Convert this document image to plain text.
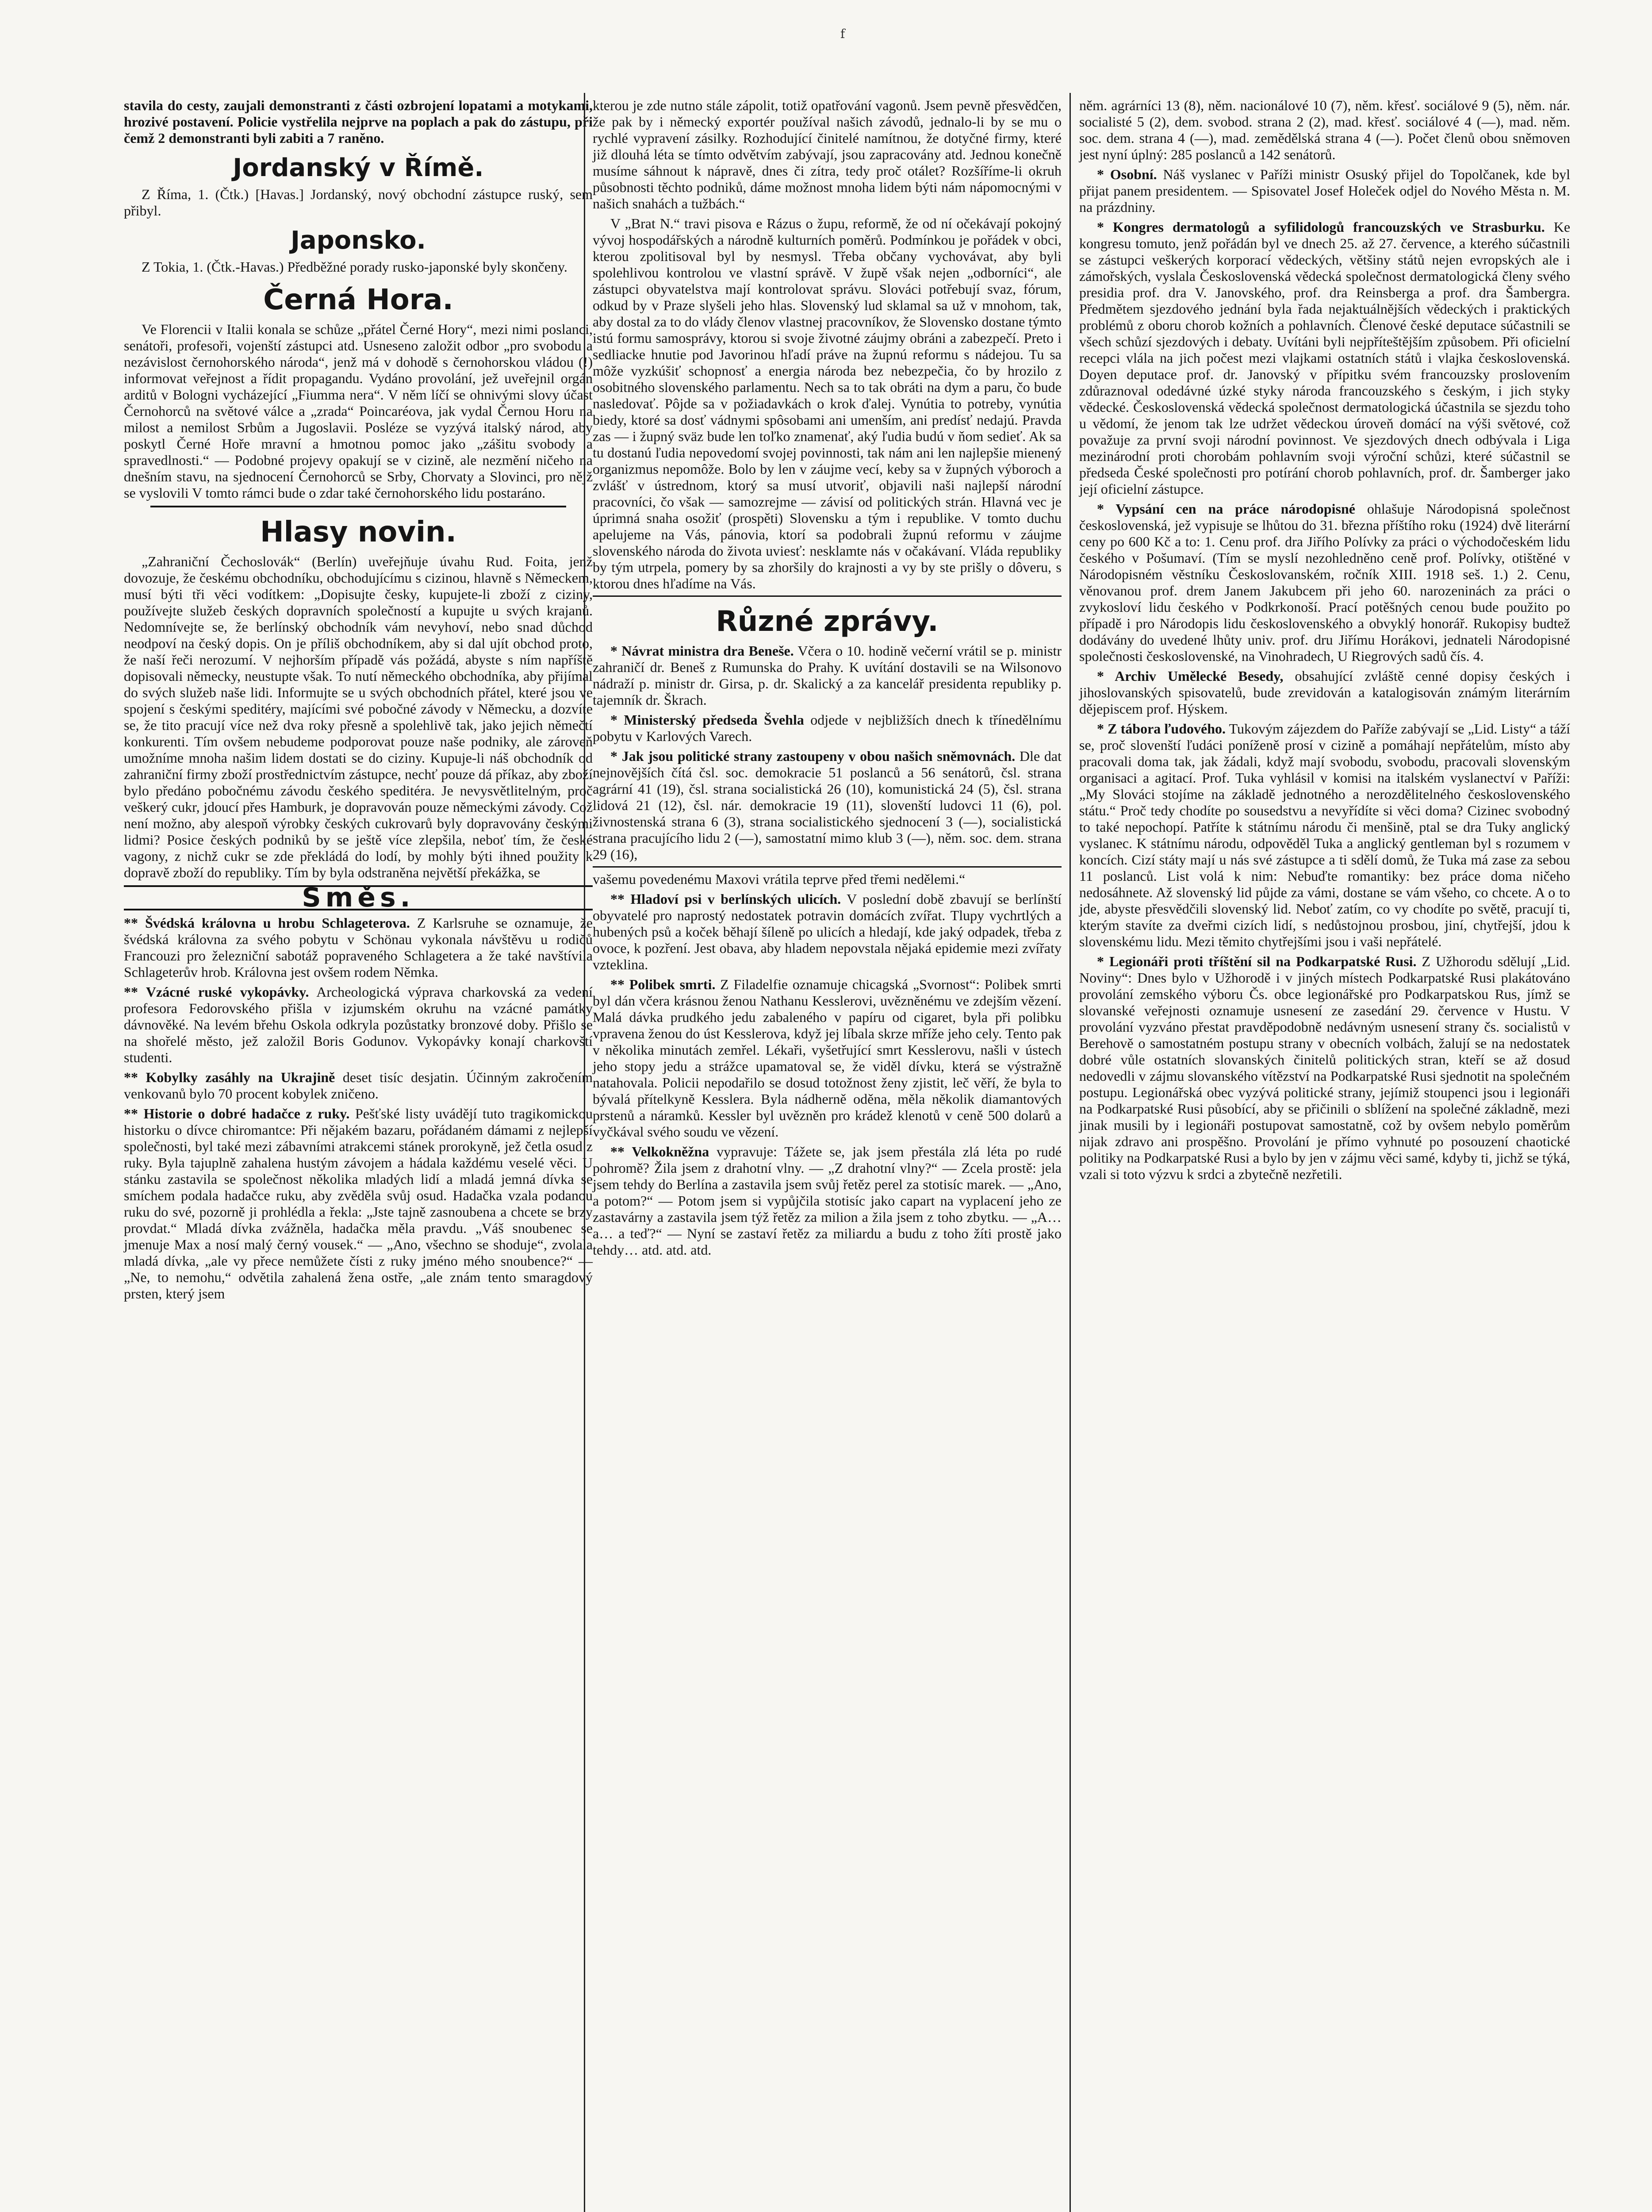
f

stavila do cesty, zaujali demonstranti z části ozbrojení lopatami a motykami, hrozivé postavení. Policie vystřelila nejprve na poplach a pak do zástupu, při čemž 2 demonstranti byli zabiti a 7 raněno.

Jordanský v Římě.

Z Říma, 1. (Čtk.) [Havas.] Jordanský, nový obchodní zástupce ruský, sem přibyl.

Japonsko.

Z Tokia, 1. (Čtk.-Havas.) Předběžné porady rusko-japonské byly skončeny.

Černá Hora.

Ve Florencii v Italii konala se schůze „přátel Černé Hory“, mezi nimi poslanci, senátoři, profesoři, vojenští zástupci atd. Usneseno založit odbor „pro svobodu a nezávislost černohorského národa“, jenž má v dohodě s černohorskou vládou (!) informovat veřejnost a řídit propagandu. Vydáno provolání, jež uveřejnil orgán arditů v Bologni vycházející „Fiumma nera“. V něm líčí se ohnivými slovy účast Černohorců na světové válce a „zrada“ Poincaréova, jak vydal Černou Horu na milost a nemilost Srbům a Jugoslavii. Posléze se vyzývá italský národ, aby poskytl Černé Hoře mravní a hmotnou pomoc jako „zášitu svobody a spravedlnosti.“ — Podobné projevy opakují se v cizině, ale nezmění ničeho na dnešním stavu, na sjednocení Černohorců se Srby, Chorvaty a Slovinci, pro nějž se vyslovili V tomto rámci bude o zdar také černohorského lidu postaráno.

Hlasy novin.

„Zahraniční Čechoslovák“ (Berlín) uveřejňuje úvahu Rud. Foita, jenž dovozuje, že českému obchodníku, obchodujícímu s cizinou, hlavně s Německem, musí býti tři věci vodítkem: „Dopisujte česky, kupujete-li zboží z ciziny, používejte služeb českých dopravních společností a kupujte u svých krajanů. Nedomnívejte se, že berlínský obchodník vám nevyhoví, nebo snad důchod neodpoví na český dopis. On je příliš obchodníkem, aby si dal ujít obchod proto, že naší řeči nerozumí. V nejhorším případě vás požádá, abyste s ním napříště dopisovali německy, neustupte však. To nutí německého obchodníka, aby přijímal do svých služeb naše lidi. Informujte se u svých obchodních přátel, které jsou ve spojení s českými speditéry, majícími své pobočné závody v Německu, a dozvíte se, že tito pracují více než dva roky přesně a spolehlivě tak, jako jejich němečtí konkurenti. Tím ovšem nebudeme podporovat pouze naše podniky, ale zároveň umožníme mnoha našim lidem dostati se do ciziny. Kupuje-li náš obchodník od zahraniční firmy zboží prostřednictvím zástupce, nechť pouze dá příkaz, aby zboží bylo předáno pobočnému závodu českého speditéra. Je nevysvětlitelným, proč veškerý cukr, jdoucí přes Hamburk, je dopravován pouze německými závody. Což není možno, aby alespoň výrobky českých cukrovarů byly dopravovány českými lidmi? Posice českých podniků by se ještě více zlepšila, neboť tím, že české vagony, z nichž cukr se zde překládá do lodí, by mohly býti ihned použity k dopravě zboží do republiky. Tím by byla odstraněna největší překážka, se

Směs.

** Švédská královna u hrobu Schlageterova. Z Karlsruhe se oznamuje, že švédská královna za svého pobytu v Schönau vykonala návštěvu u rodičů Francouzi pro železniční sabotáž popraveného Schlagetera a že také navštívila Schlageterův hrob. Královna jest ovšem rodem Němka.

** Vzácné ruské vykopávky. Archeologická výprava charkovská za vedení profesora Fedorovského přišla v izjumském okruhu na vzácné památky dávnověké. Na levém břehu Oskola odkryla pozůstatky bronzové doby. Přišlo se na shořelé město, jež založil Boris Godunov. Vykopávky konají charkovští studenti.

** Kobylky zasáhly na Ukrajině deset tisíc desjatin. Účinným zakročením venkovanů bylo 70 procent kobylek zničeno.

** Historie o dobré hadačce z ruky. Pešťské listy uvádějí tuto tragikomickou historku o dívce chiromantce: Při nějakém bazaru, pořádaném dámami z nejlepší společnosti, byl také mezi zábavními atrakcemi stánek prorokyně, jež četla osud z ruky. Byla tajuplně zahalena hustým závojem a hádala každému veselé věci. U stánku zastavila se společnost několika mladých lidí a mladá jemná dívka se smíchem podala hadačce ruku, aby zvěděla svůj osud. Hadačka vzala podanou ruku do své, pozorně ji prohlédla a řekla: „Jste tajně zasnoubena a chcete se brzy provdat.“ Mladá dívka zvážněla, hadačka měla pravdu. „Váš snoubenec se jmenuje Max a nosí malý černý vousek.“ — „Ano, všechno se shoduje“, zvolala mladá dívka, „ale vy přece nemůžete čísti z ruky jméno mého snoubence?“ — „Ne, to nemohu,“ odvětila zahalená žena ostře, „ale znám tento smaragdový prsten, který jsem

kterou je zde nutno stále zápolit, totiž opatřování vagonů. Jsem pevně přesvědčen, že pak by i německý exportér používal našich závodů, jednalo-li by se mu o rychlé vypravení zásilky. Rozhodující činitelé namítnou, že dotyčné firmy, které již dlouhá léta se tímto odvětvím zabývají, jsou zapracovány atd. Jednou konečně musíme sáhnout k nápravě, dnes či zítra, tedy proč otálet? Rozšíříme-li okruh působnosti těchto podniků, dáme možnost mnoha lidem býti nám nápomocnými v našich snahách a tužbách.“

V „Brat N.“ travi pisova e Rázus o župu, reformě, že od ní očekávají pokojný vývoj hospodářských a národně kulturních poměrů. Podmínkou je pořádek v obci, kterou zpolitisoval byl by nesmysl. Třeba občany vychovávat, aby byli spolehlivou kontrolou ve vlastní správě. V župě však nejen „odborníci“, ale zástupci obyvatelstva mají kontrolovat správu. Slováci potřebují svaz, fórum, odkud by v Praze slyšeli jeho hlas. Slovenský lud sklamal sa už v mnohom, tak, aby dostal za to do vlády členov vlastnej pracovníkov, že Slovensko dostane týmto istú formu samosprávy, ktorou si svoje životné záujmy obráni a zabezpečí. Preto i sedliacke hnutie pod Javorinou hľadí práve na župnú reformu s nádejou. Tu sa môže vyzkúšiť schopnosť a energia národa bez nebezpečia, čo by hrozilo z osobitného slovenského parlamentu. Nech sa to tak obráti na dym a paru, čo bude nasledovať. Pôjde sa v požiadavkách o krok ďalej. Vynútia to potreby, vynútia biedy, ktoré sa dosť vádnymi spôsobami ani umenším, ani predísť nedajú. Pravda zas — i župný sväz bude len toľko znamenať, aký ľudia budú v ňom sedieť. Ak sa tu dostanú ľudia nepovedomí svojej povinnosti, tak nám ani len najlepšie mienený organizmus nepomôže. Bolo by len v záujme vecí, keby sa v župných výboroch a zvlášť v ústrednom, ktorý sa musí utvoriť, objavili naši najlepší národní pracovníci, čo však — samozrejme — závisí od politických strán. Hlavná vec je úprimná snaha osožiť (prospěti) Slovensku a tým i republike. V tomto duchu apelujeme na Vás, pánovia, ktorí sa podobrali župnú reformu v záujme slovenského národa do života uviesť: nesklamte nás v očakávaní. Vláda republiky by tým utrpela, pomery by sa zhoršily do krajnosti a vy by ste prišly o dôveru, s ktorou dnes hľadíme na Vás.

Různé zprávy.

* Návrat ministra dra Beneše. Včera o 10. hodině večerní vrátil se p. ministr zahraničí dr. Beneš z Rumunska do Prahy. K uvítání dostavili se na Wilsonovo nádraží p. ministr dr. Girsa, p. dr. Skalický a za kancelář presidenta republiky p. tajemník dr. Škrach.

* Ministerský předseda Švehla odjede v nejbližších dnech k třínedělnímu pobytu v Karlových Varech.

* Jak jsou politické strany zastoupeny v obou našich sněmovnách. Dle dat nejnovějších čítá čsl. soc. demokracie 51 poslanců a 56 senátorů, čsl. strana agrární 41 (19), čsl. strana socialistická 26 (10), komunistická 24 (5), čsl. strana lidová 21 (12), čsl. nár. demokracie 19 (11), slovenští ludovci 11 (6), pol. živnostenská strana 6 (3), strana socialistického sjednocení 3 (—), socialistická strana pracujícího lidu 2 (—), samostatní mimo klub 3 (—), něm. soc. dem. strana 29 (16),

vašemu povedenému Maxovi vrátila teprve před třemi nedělemi.“

** Hladoví psi v berlínských ulicích. V poslední době zbavují se berlínští obyvatelé pro naprostý nedostatek potravin domácích zvířat. Tlupy vychrtlých a hubených psů a koček běhají šíleně po ulicích a hledají, kde jaký odpadek, třeba z ovoce, k pozření. Jest obava, aby hladem nepovstala nějaká epidemie mezi zvířaty vzteklina.

** Polibek smrti. Z Filadelfie oznamuje chicagská „Svornost“: Polibek smrti byl dán včera krásnou ženou Nathanu Kesslerovi, uvězněnému ve zdejším vězení. Malá dávka prudkého jedu zabaleného v papíru od cigaret, byla při polibku vpravena ženou do úst Kesslerova, když jej líbala skrze mříže jeho cely. Tento pak v několika minutách zemřel. Lékaři, vyšetřující smrt Kesslerovu, našli v ústech jeho stopy jedu a strážce upamatoval se, že viděl dívku, která se výstražně natahovala. Policii nepodařilo se dosud totožnost ženy zjistit, leč věří, že byla to bývalá přítelkyně Kesslera. Byla nádherně oděna, měla několik diamantových prstenů a náramků. Kessler byl uvězněn pro krádež klenotů v ceně 500 dolarů a vyčkával svého soudu ve vězení.

** Velkokněžna vypravuje: Tážete se, jak jsem přestála zlá léta po rudé pohromě? Žila jsem z drahotní vlny. — „Z drahotní vlny?“ — Zcela prostě: jela jsem tehdy do Berlína a zastavila jsem svůj řetěz perel za stotisíc marek. — „Ano, a potom?“ — Potom jsem si vypůjčila stotisíc jako capart na vyplacení jeho ze zastavárny a zastavila jsem týž řetěz za milion a žila jsem z toho zbytku. — „A… a… a teď?“ — Nyní se zastaví řetěz za miliardu a budu z toho žíti prostě jako tehdy… atd. atd. atd.

něm. agrárníci 13 (8), něm. nacionálové 10 (7), něm. křesť. sociálové 9 (5), něm. nár. socialisté 5 (2), dem. svobod. strana 2 (2), mad. křesť. sociálové 4 (—), mad. něm. soc. dem. strana 4 (—), mad. zemědělská strana 4 (—). Počet členů obou sněmoven jest nyní úplný: 285 poslanců a 142 senátorů.

* Osobní. Náš vyslanec v Paříži ministr Osuský přijel do Topolčanek, kde byl přijat panem presidentem. — Spisovatel Josef Holeček odjel do Nového Města n. M. na prázdniny.

* Kongres dermatologů a syfilidologů francouzských ve Strasburku. Ke kongresu tomuto, jenž pořádán byl ve dnech 25. až 27. července, a kterého súčastnili se zástupci veškerých korporací vědeckých, většiny států nejen evropských ale i zámořských, vyslala Československá vědecká společnost dermatologická členy svého presidia prof. dra V. Janovského, prof. dra Reinsberga a prof. dra Šambergra. Předmětem sjezdového jednání byla řada nejaktuálnějších vědeckých i praktických problémů z oboru chorob kožních a pohlavních. Členové české deputace súčastnili se všech schůzí sjezdových i debaty. Uvítáni byli nejpříteštějším způsobem. Při oficielní recepci vlála na jich počest mezi vlajkami ostatních států i vlajka československá. Doyen deputace prof. dr. Janovský v přípitku svém francouzsky proslovením zdůraznoval odedávné úzké styky národa francouzského s českým, i jich styky vědecké. Československá vědecká společnost dermatologická účastnila se sjezdu toho u vědomí, že jenom tak lze udržet vědeckou úroveň domácí na výši světové, což považuje za první svoji národní povinnost. Ve sjezdových dnech odbývala i Liga mezinárodní proti chorobám pohlavním svoji výroční schůzi, které súčastnil se předseda České společnosti pro potírání chorob pohlavních, prof. dr. Šamberger jako její oficielní zástupce.

* Vypsání cen na práce národopisné ohlašuje Národopisná společnost československá, jež vypisuje se lhůtou do 31. března příštího roku (1924) dvě literární ceny po 600 Kč a to: 1. Cenu prof. dra Jiřího Polívky za práci o východočeském lidu českého v Pošumaví. (Tím se myslí nezohledněno ceně prof. Polívky, otištěné v Národopisném věstníku Českoslovanském, ročník XIII. 1918 seš. 1.) 2. Cenu, věnovanou prof. drem Janem Jakubcem při jeho 60. narozeninách za práci o zvykosloví lidu českého v Podkrkonoší. Prací potěšných cenou bude použito po případě i pro Národopis lidu československého a obvyklý honorář. Rukopisy budtež dodávány do uvedené lhůty univ. prof. dru Jiřímu Horákovi, jednateli Národopisné společnosti československé, na Vinohradech, U Riegrových sadů čís. 4.

* Archiv Umělecké Besedy, obsahující zvláště cenné dopisy českých i jihoslovanských spisovatelů, bude zrevidován a katalogisován známým literárním dějepiscem prof. Hýskem.

* Z tábora ľudového. Tukovým zájezdem do Paříže zabývají se „Lid. Listy“ a táží se, proč slovenští ľudáci poníženě prosí v cizině a pomáhají nepřátelům, místo aby pracovali doma tak, jak žádali, když mají svobodu, svobodu, pracovali slovenským organisaci a agitací. Prof. Tuka vyhlásil v komisi na italském vyslanectví v Paříži: „My Slováci stojíme na základě jednotného a nerozdělitelného československého státu.“ Proč tedy chodíte po sousedstvu a nevyřídíte si věci doma? Cizinec svobodný to také nepochopí. Patříte k státnímu národu či menšině, ptal se dra Tuky anglický vyslanec. K státnímu národu, odpověděl Tuka a anglický gentleman byl s rozumem v koncích. Cizí státy mají u nás své zástupce a ti sdělí domů, že Tuka má zase za sebou 11 poslanců. List volá k nim: Nebuďte romantiky: bez práce doma ničeho nedosáhnete. Až slovenský lid půjde za vámi, dostane se vám všeho, co chcete. A o to jde, abyste přesvědčili slovenský lid. Neboť zatím, co vy chodíte po světě, pracují ti, kterým stavíte za dveřmi cizích lidí, s nedůstojnou prosbou, jiní, chytřejší, jdou k slovenskému lidu. Mezi těmito chytřejšími jsou i vaši nepřátelé.

* Legionáři proti tříštění sil na Podkarpatské Rusi. Z Užhorodu sdělují „Lid. Noviny“: Dnes bylo v Užhorodě i v jiných místech Podkarpatské Rusi plakátováno provolání zemského výboru Čs. obce legionářské pro Podkarpatskou Rus, jímž se slovanské veřejnosti oznamuje usnesení ze zasedání 29. července v Hustu. V provolání vyzváno přestat pravděpodobně nedávným usnesení strany čs. socialistů v Berehově o samostatném postupu strany v obecních volbách, žalují se na nedostatek dobré vůle ostatních slovanských činitelů politických stran, kteří se až dosud nedovedli v zájmu slovanského vítězství na Podkarpatské Rusi sjednotit na společném postupu. Legionářská obec vyzývá politické strany, jejímiž stoupenci jsou i legionáři na Podkarpatské Rusi působící, aby se přičinili o sblížení na společné základně, mezi jinak musili by i legionáři postupovat samostatně, což by ovšem nebylo poměrům nijak zdravo ani prospěšno. Provolání je přímo vyhnuté po posouzení chaotické politiky na Podkarpatské Rusi a bylo by jen v zájmu věci samé, kdyby ti, jichž se týká, vzali si toto výzvu k srdci a zbytečně nezřetili.
